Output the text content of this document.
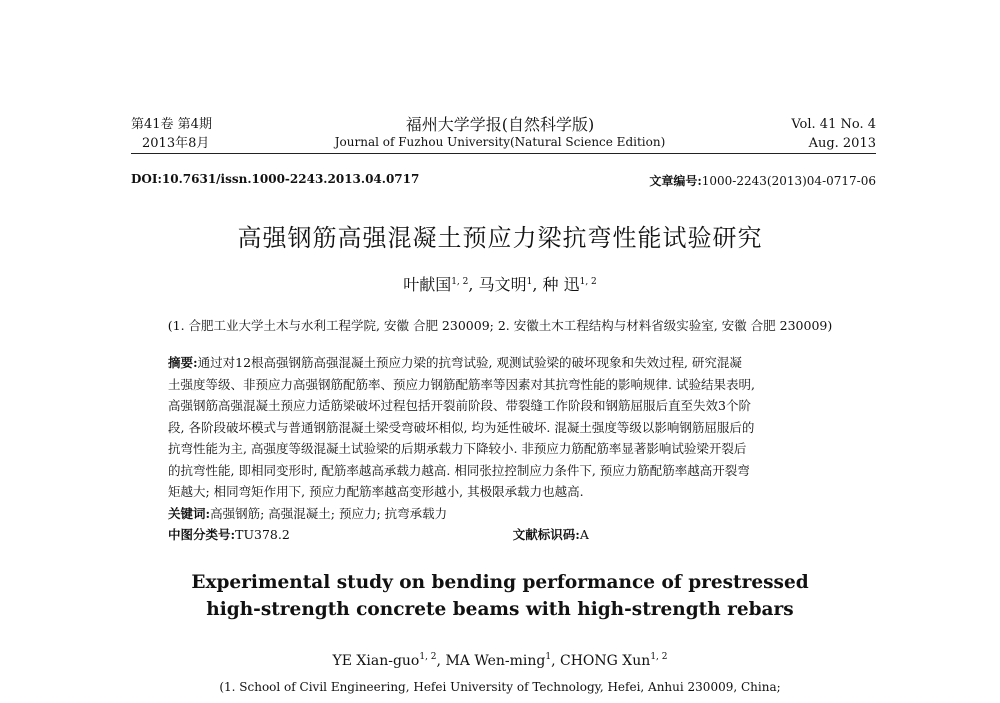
第41卷 第4期
2013年8月
福州大学学报(自然科学版)
Journal of Fuzhou University(Natural Science Edition)
Vol. 41 No. 4
Aug. 2013
DOI:10.7631/issn.1000-2243.2013.04.0717	文章编号:1000-2243(2013)04-0717-06
高强钢筋高强混凝土预应力梁抗弯性能试验研究
叶献国$^{1, 2}$, 马文明$^1$, 种 迅$^{1, 2}$
(1. 合肥工业大学土木与水利工程学院, 安徽 合肥 230009; 2. 安徽土木工程结构与材料省级实验室, 安徽 合肥 230009)
摘要:通过对12根高强钢筋高强混凝土预应力梁的抗弯试验, 观测试验梁的破坏现象和失效过程, 研究混凝
土强度等级、非预应力高强钢筋配筋率、预应力钢筋配筋率等因素对其抗弯性能的影响规律. 试验结果表明,
高强钢筋高强混凝土预应力适筋梁破坏过程包括开裂前阶段、带裂缝工作阶段和钢筋屈服后直至失效3个阶
段, 各阶段破坏模式与普通钢筋混凝土梁受弯破坏相似, 均为延性破坏. 混凝土强度等级以影响钢筋屈服后的
抗弯性能为主, 高强度等级混凝土试验梁的后期承载力下降较小. 非预应力筋配筋率显著影响试验梁开裂后
的抗弯性能, 即相同变形时, 配筋率越高承载力越高. 相同张拉控制应力条件下, 预应力筋配筋率越高开裂弯
矩越大; 相同弯矩作用下, 预应力配筋率越高变形越小, 其极限承载力也越高.
关键词:高强钢筋; 高强混凝土; 预应力; 抗弯承载力
中图分类号:TU378.2	文献标识码:A
Experimental study on bending performance of prestressed
high-strength concrete beams with high-strength rebars
YE Xian-guo$^{1, 2}$, MA Wen-ming$^1$, CHONG Xun$^{1, 2}$
(1. School of Civil Engineering, Hefei University of Technology, Hefei, Anhui 230009, China;
